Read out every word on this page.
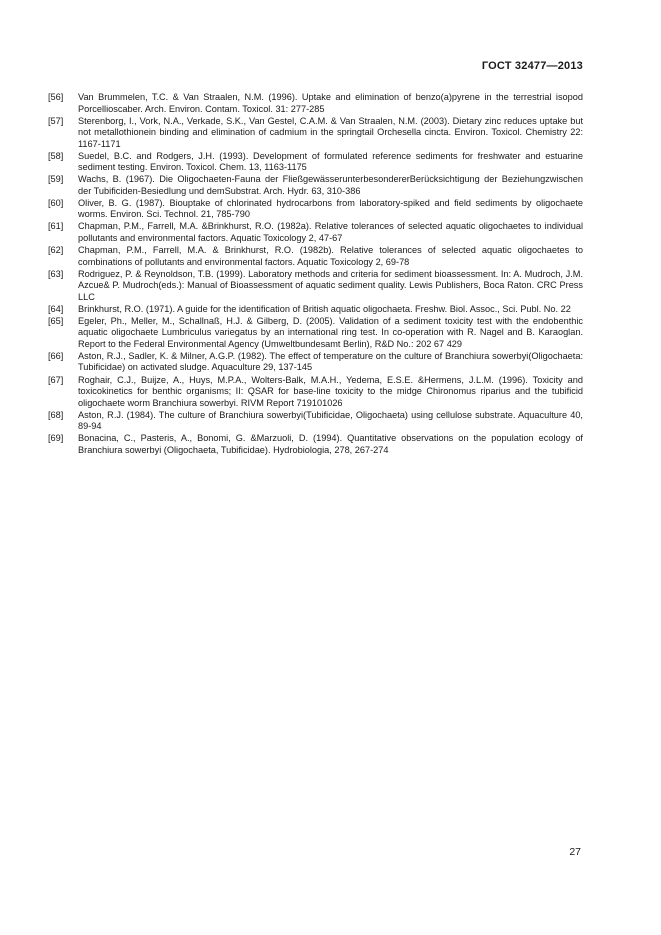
ГОСТ 32477—2013
[56]	Van Brummelen, T.C. & Van Straalen, N.M. (1996). Uptake and elimination of benzo(a)pyrene in the terrestrial isopod Porcellioscaber. Arch. Environ. Contam. Toxicol. 31: 277-285
[57]	Sterenborg, I., Vork, N.A., Verkade, S.K., Van Gestel, C.A.M. & Van Straalen, N.M. (2003). Dietary zinc reduces uptake but not metallothionein binding and elimination of cadmium in the springtail Orchesella cincta. Environ. Toxicol. Chemistry 22: 1167-1171
[58]	Suedel, B.C. and Rodgers, J.H. (1993). Development of formulated reference sediments for freshwater and estuarine sediment testing. Environ. Toxicol. Chem. 13, 1163-1175
[59]	Wachs, B. (1967). Die Oligochaeten-Fauna der FließgewässerunterbesondererBerücksichtigung der Beziehungzwischen der Tubificiden-Besiedlung und demSubstrat. Arch. Hydr. 63, 310-386
[60]	Oliver, B. G. (1987). Biouptake of chlorinated hydrocarbons from laboratory-spiked and field sediments by oligochaete worms. Environ. Sci. Technol. 21, 785-790
[61]	Chapman, P.M., Farrell, M.A. &Brinkhurst, R.O. (1982a). Relative tolerances of selected aquatic oligochaetes to individual pollutants and environmental factors. Aquatic Toxicology 2, 47-67
[62]	Chapman, P.M., Farrell, M.A. & Brinkhurst, R.O. (1982b). Relative tolerances of selected aquatic oligochaetes to combinations of pollutants and environmental factors. Aquatic Toxicology 2, 69-78
[63]	Rodriguez, P. & Reynoldson, T.B. (1999). Laboratory methods and criteria for sediment bioassessment. In: A. Mudroch, J.M. Azcue& P. Mudroch(eds.): Manual of Bioassessment of aquatic sediment quality. Lewis Publishers, Boca Raton. CRC Press LLC
[64]	Brinkhurst, R.O. (1971). A guide for the identification of British aquatic oligochaeta. Freshw. Biol. Assoc., Sci. Publ. No. 22
[65]	Egeler, Ph., Meller, M., Schallnaß, H.J. & Gilberg, D. (2005). Validation of a sediment toxicity test with the endobenthic aquatic oligochaete Lumbriculus variegatus by an international ring test. In co-operation with R. Nagel and B. Karaoglan. Report to the Federal Environmental Agency (Umweltbundesamt Berlin), R&D No.: 202 67 429
[66]	Aston, R.J., Sadler, K. & Milner, A.G.P. (1982). The effect of temperature on the culture of Branchiura sowerbyi(Oligochaeta: Tubificidae) on activated sludge. Aquaculture 29, 137-145
[67]	Roghair, C.J., Buijze, A., Huys, M.P.A., Wolters-Balk, M.A.H., Yedema, E.S.E. &Hermens, J.L.M. (1996). Toxicity and toxicokinetics for benthic organisms; II: QSAR for base-line toxicity to the midge Chironomus riparius and the tubificid oligochaete worm Branchiura sowerbyi. RIVM Report 719101026
[68]	Aston, R.J. (1984). The culture of Branchiura sowerbyi(Tubificidae, Oligochaeta) using cellulose substrate. Aquaculture 40, 89-94
[69]	Bonacina, C., Pasteris, A., Bonomi, G. &Marzuoli, D. (1994). Quantitative observations on the population ecology of Branchiura sowerbyi (Oligochaeta, Tubificidae). Hydrobiologia, 278, 267-274
27
